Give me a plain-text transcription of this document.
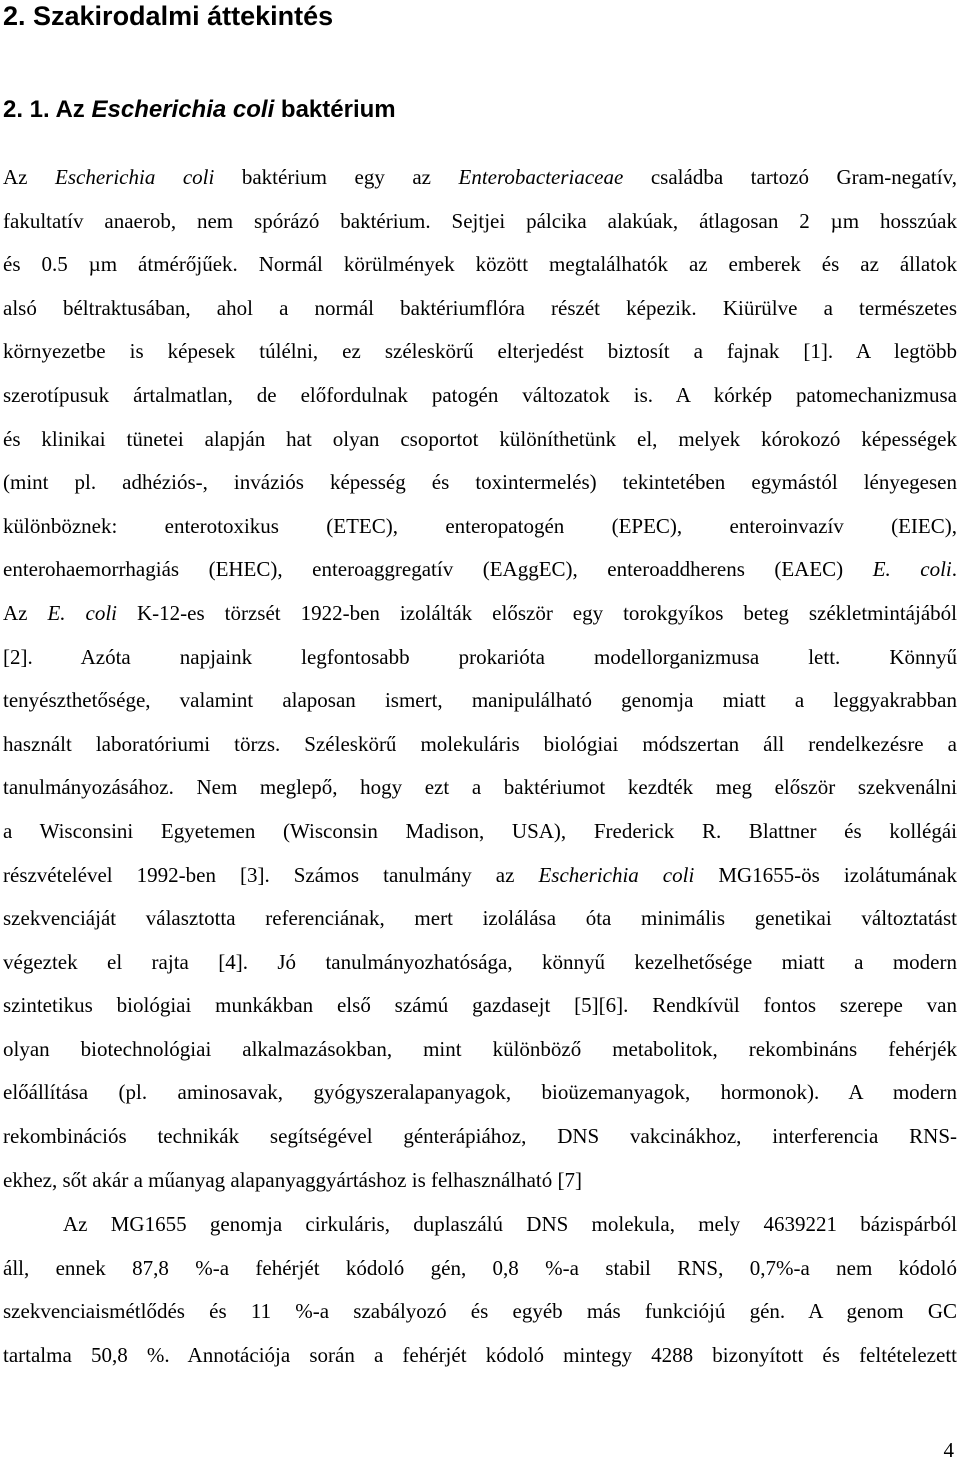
2. Szakirodalmi áttekintés
2. 1. Az Escherichia coli baktérium
Az Escherichia coli baktérium egy az Enterobacteriaceae családba tartozó Gram-negatív,
fakultatív anaerob, nem spórázó baktérium. Sejtjei pálcika alakúak, átlagosan 2 µm hosszúak
és 0.5 µm átmérőjűek. Normál körülmények között megtalálhatók az emberek és az állatok
alsó béltraktusában, ahol a normál baktériumflóra részét képezik. Kiürülve a természetes
környezetbe is képesek túlélni, ez széleskörű elterjedést biztosít a fajnak [1]. A legtöbb
szerotípusuk ártalmatlan, de előfordulnak patogén változatok is. A kórkép patomechanizmusa
és klinikai tünetei alapján hat olyan csoportot különíthetünk el, melyek kórokozó képességek
(mint pl. adhéziós-, inváziós képesség és toxintermelés) tekintetében egymástól lényegesen
különböznek: enterotoxikus (ETEC), enteropatogén (EPEC), enteroinvazív (EIEC),
enterohaemorrhagiás (EHEC), enteroaggregatív (EAggEC), enteroaddherens (EAEC) E. coli.
Az E. coli K-12-es törzsét 1922-ben izolálták először egy torokgyíkos beteg székletmintájából
[2]. Azóta napjaink legfontosabb prokarióta modellorganizmusa lett. Könnyű
tenyészthetősége, valamint alaposan ismert, manipulálható genomja miatt a leggyakrabban
használt laboratóriumi törzs. Széleskörű molekuláris biológiai módszertan áll rendelkezésre a
tanulmányozásához. Nem meglepő, hogy ezt a baktériumot kezdték meg először szekvenálni
a Wisconsini Egyetemen (Wisconsin Madison, USA), Frederick R. Blattner és kollégái
részvételével 1992-ben [3]. Számos tanulmány az Escherichia coli MG1655-ös izolátumának
szekvenciáját választotta referenciának, mert izolálása óta minimális genetikai változtatást
végeztek el rajta [4]. Jó tanulmányozhatósága, könnyű kezelhetősége miatt a modern
szintetikus biológiai munkákban első számú gazdasejt [5][6]. Rendkívül fontos szerepe van
olyan biotechnológiai alkalmazásokban, mint különböző metabolitok, rekombináns fehérjék
előállítása (pl. aminosavak, gyógyszeralapanyagok, bioüzemanyagok, hormonok). A modern
rekombinációs technikák segítségével génterápiához, DNS vakcinákhoz, interferencia RNS-
ekhez, sőt akár a műanyag alapanyaggyártáshoz is felhasználható [7]
Az MG1655 genomja cirkuláris, duplaszálú DNS molekula, mely 4639221 bázispárból
áll, ennek 87,8 %-a fehérjét kódoló gén, 0,8 %-a stabil RNS, 0,7%-a nem kódoló
szekvenciaismétlődés és 11 %-a szabályozó és egyéb más funkciójú gén. A genom GC
tartalma 50,8 %. Annotációja során a fehérjét kódoló mintegy 4288 bizonyított és feltételezett
4
